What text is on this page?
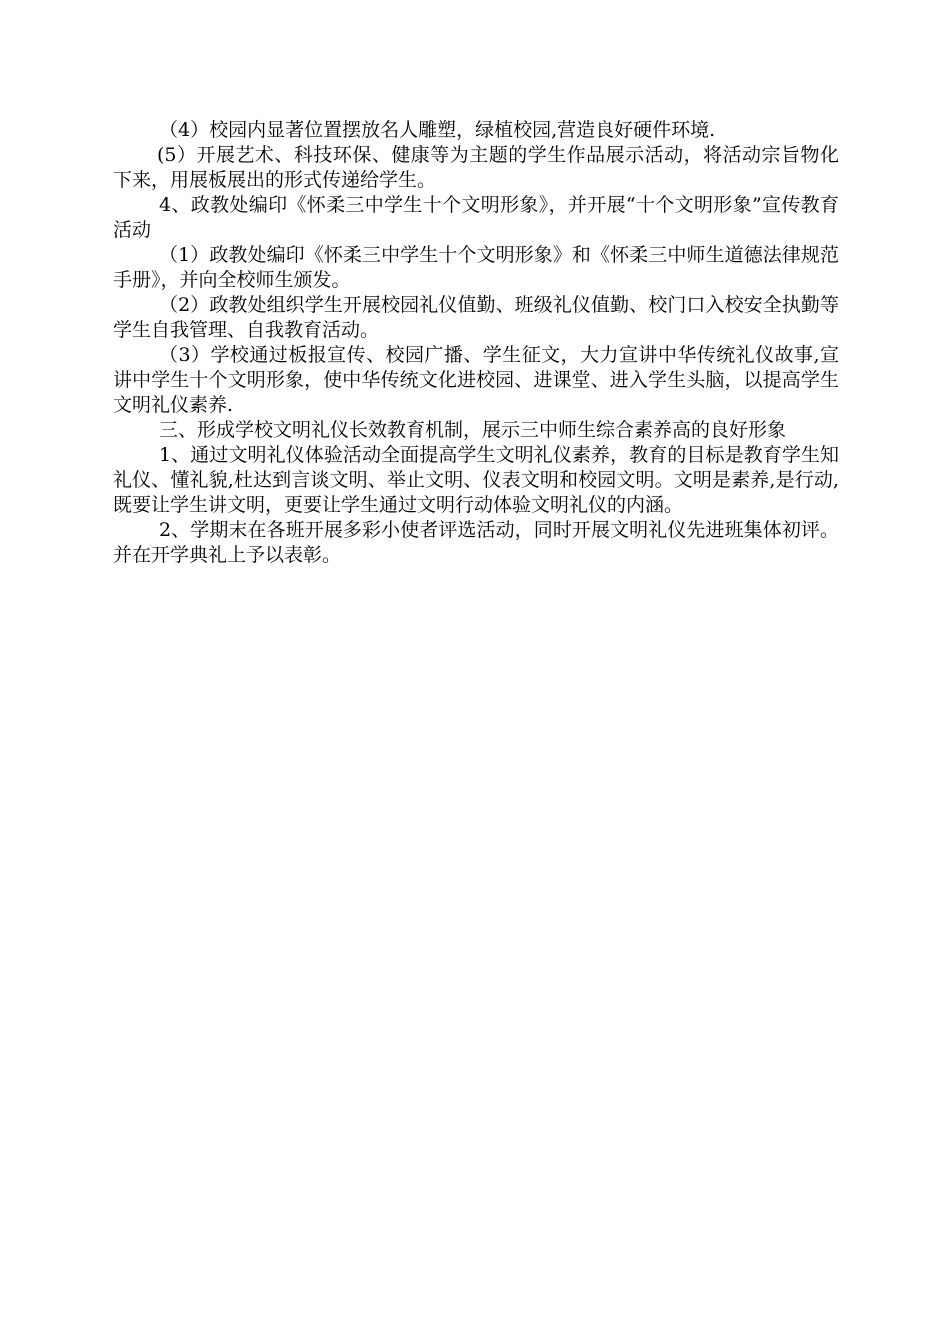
（4）校园内显著位置摆放名人雕塑，绿植校园,营造良好硬件环境.

(5）开展艺术、科技环保、健康等为主题的学生作品展示活动，将活动宗旨物化下来，用展板展出的形式传递给学生。

4、政教处编印《怀柔三中学生十个文明形象》，并开展“十个文明形象”宣传教育活动

（1）政教处编印《怀柔三中学生十个文明形象》和《怀柔三中师生道德法律规范手册》，并向全校师生颁发。

（2）政教处组织学生开展校园礼仪值勤、班级礼仪值勤、校门口入校安全执勤等学生自我管理、自我教育活动。

（3）学校通过板报宣传、校园广播、学生征文，大力宣讲中华传统礼仪故事,宣讲中学生十个文明形象，使中华传统文化进校园、进课堂、进入学生头脑，以提高学生文明礼仪素养.

三、形成学校文明礼仪长效教育机制，展示三中师生综合素养高的良好形象

1、通过文明礼仪体验活动全面提高学生文明礼仪素养，教育的目标是教育学生知礼仪、懂礼貌,杜达到言谈文明、举止文明、仪表文明和校园文明。文明是素养,是行动,既要让学生讲文明，更要让学生通过文明行动体验文明礼仪的内涵。

2、学期末在各班开展多彩小使者评选活动，同时开展文明礼仪先进班集体初评。并在开学典礼上予以表彰。
